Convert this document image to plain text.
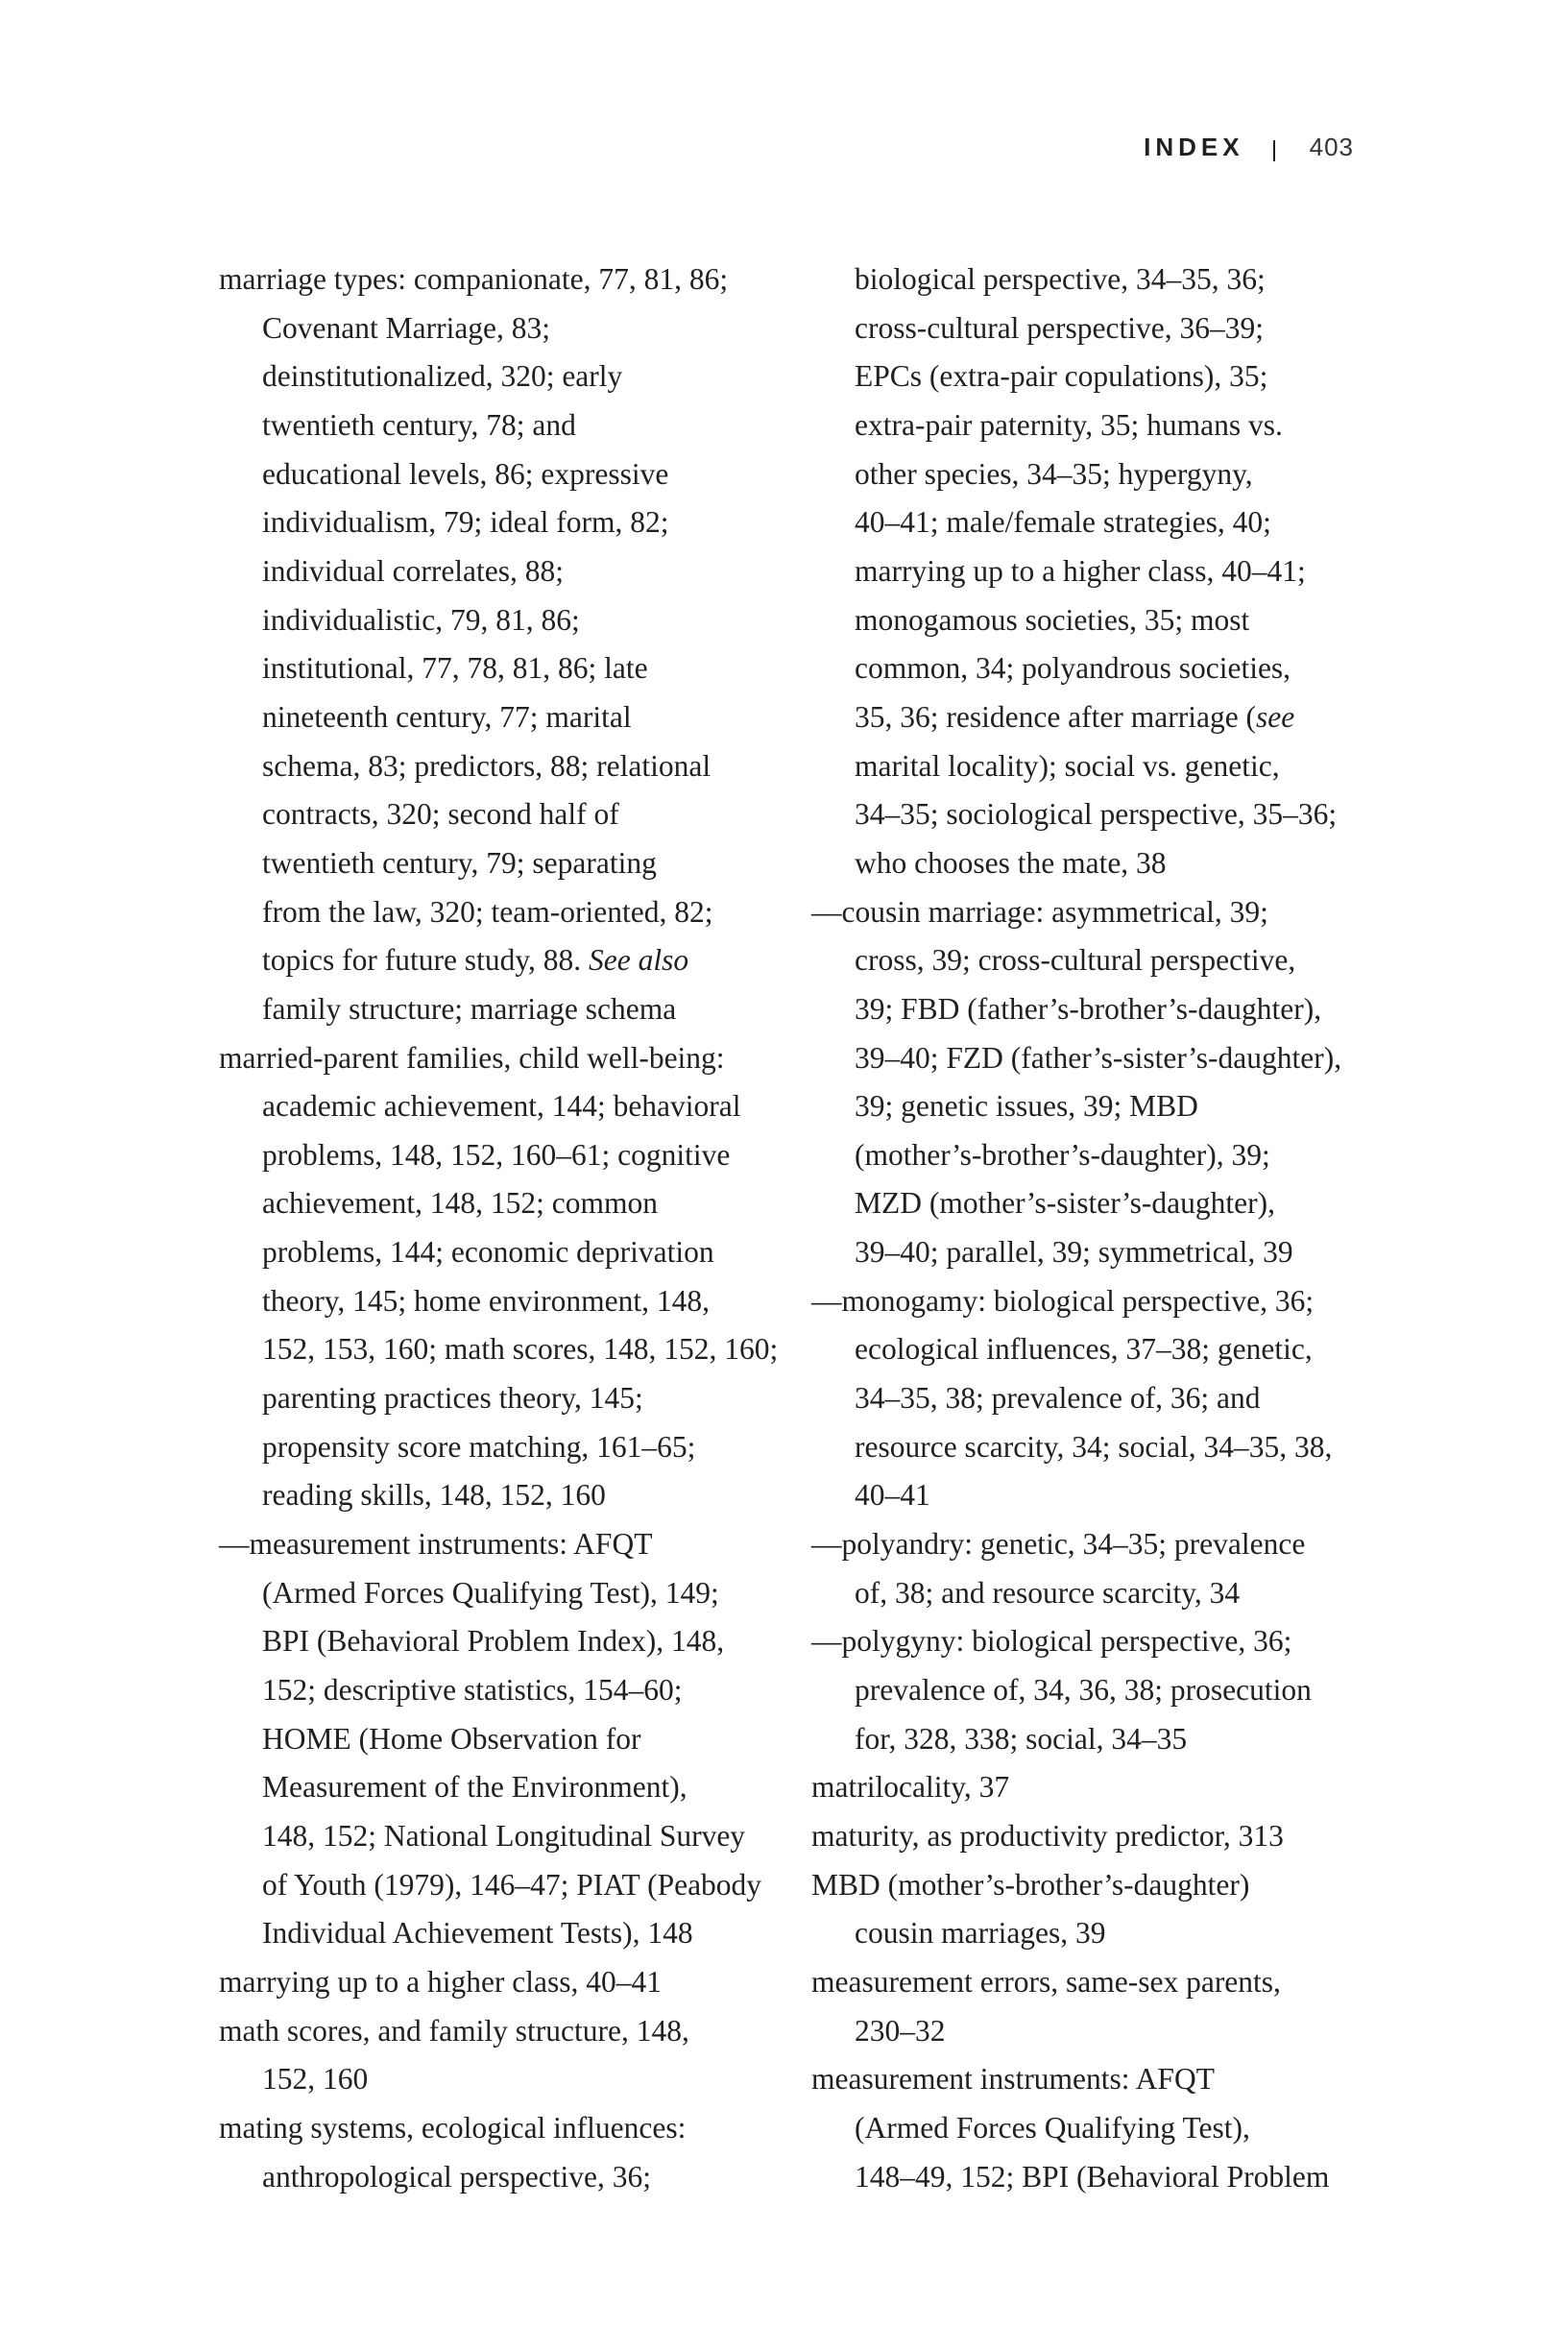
INDEX	403
marriage types: companionate, 77, 81, 86;
Covenant Marriage, 83;
deinstitutionalized, 320; early
twentieth century, 78; and
educational levels, 86; expressive
individualism, 79; ideal form, 82;
individual correlates, 88;
individualistic, 79, 81, 86;
institutional, 77, 78, 81, 86; late
nineteenth century, 77; marital
schema, 83; predictors, 88; relational
contracts, 320; second half of
twentieth century, 79; separating
from the law, 320; team-oriented, 82;
topics for future study, 88. See also
family structure; marriage schema
married-parent families, child well-being:
academic achievement, 144; behavioral
problems, 148, 152, 160–61; cognitive
achievement, 148, 152; common
problems, 144; economic deprivation
theory, 145; home environment, 148,
152, 153, 160; math scores, 148, 152, 160;
parenting practices theory, 145;
propensity score matching, 161–65;
reading skills, 148, 152, 160
—measurement instruments: AFQT
(Armed Forces Qualifying Test), 149;
BPI (Behavioral Problem Index), 148,
152; descriptive statistics, 154–60;
HOME (Home Observation for
Measurement of the Environment),
148, 152; National Longitudinal Survey
of Youth (1979), 146–47; PIAT (Peabody
Individual Achievement Tests), 148
marrying up to a higher class, 40–41
math scores, and family structure, 148,
152, 160
mating systems, ecological influences:
anthropological perspective, 36;
biological perspective, 34–35, 36;
cross-cultural perspective, 36–39;
EPCs (extra-pair copulations), 35;
extra-pair paternity, 35; humans vs.
other species, 34–35; hypergyny,
40–41; male/female strategies, 40;
marrying up to a higher class, 40–41;
monogamous societies, 35; most
common, 34; polyandrous societies,
35, 36; residence after marriage (see
marital locality); social vs. genetic,
34–35; sociological perspective, 35–36;
who chooses the mate, 38
—cousin marriage: asymmetrical, 39;
cross, 39; cross-cultural perspective,
39; FBD (father’s-brother’s-daughter),
39–40; FZD (father’s-sister’s-daughter),
39; genetic issues, 39; MBD
(mother’s-brother’s-daughter), 39;
MZD (mother’s-sister’s-daughter),
39–40; parallel, 39; symmetrical, 39
—monogamy: biological perspective, 36;
ecological influences, 37–38; genetic,
34–35, 38; prevalence of, 36; and
resource scarcity, 34; social, 34–35, 38,
40–41
—polyandry: genetic, 34–35; prevalence
of, 38; and resource scarcity, 34
—polygyny: biological perspective, 36;
prevalence of, 34, 36, 38; prosecution
for, 328, 338; social, 34–35
matrilocality, 37
maturity, as productivity predictor, 313
MBD (mother’s-brother’s-daughter)
cousin marriages, 39
measurement errors, same-sex parents,
230–32
measurement instruments: AFQT
(Armed Forces Qualifying Test),
148–49, 152; BPI (Behavioral Problem
